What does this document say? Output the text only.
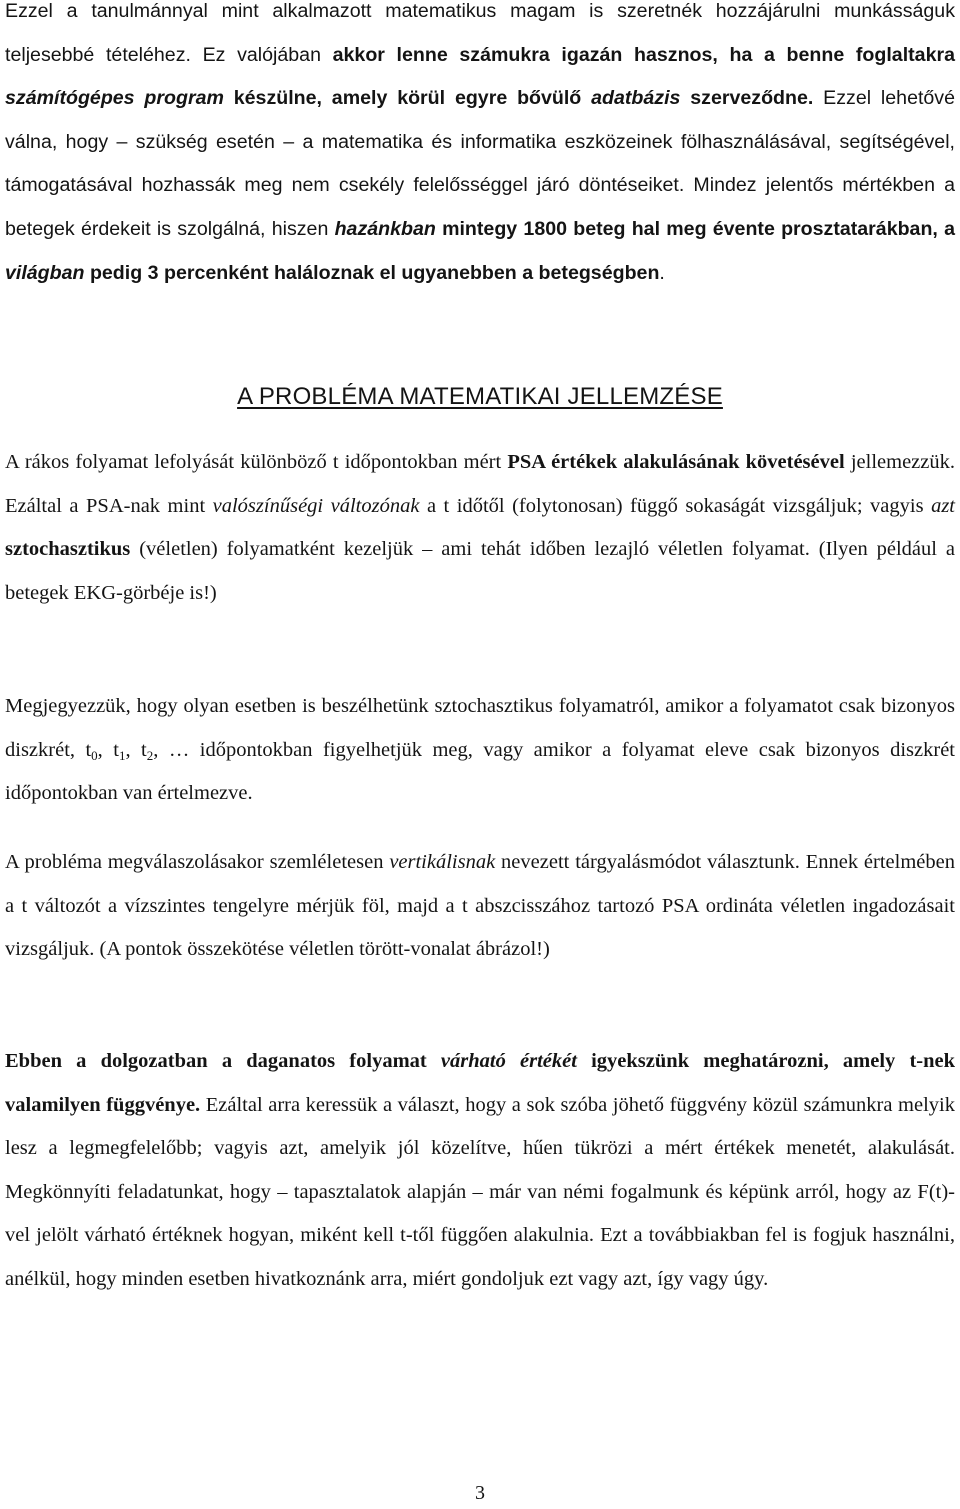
Ezzel a tanulmánnyal mint alkalmazott matematikus magam is szeretnék hozzájárulni munkásságuk teljesebbé tételéhez. Ez valójában akkor lenne számukra igazán hasznos, ha a benne foglaltakra számítógépes program készülne, amely körül egyre bővülő adatbázis szerveződne. Ezzel lehetővé válna, hogy – szükség esetén – a matematika és informatika eszközeinek fölhasználásával, segítségével, támogatásával hozhassák meg nem csekély felelősséggel járó döntéseiket. Mindez jelentős mértékben a betegek érdekeit is szolgálná, hiszen hazánkban mintegy 1800 beteg hal meg évente prosztatarákban, a világban pedig 3 percenként haláloznak el ugyanebben a betegségben.

A PROBLÉMA MATEMATIKAI JELLEMZÉSE

A rákos folyamat lefolyását különböző t időpontokban mért PSA értékek alakulásának követésével jellemezzük. Ezáltal a PSA-nak mint valószínűségi változónak a t időtől (folytonosan) függő sokaságát vizsgáljuk; vagyis azt sztochasztikus (véletlen) folyamatként kezeljük – ami tehát időben lezajló véletlen folyamat. (Ilyen például a betegek EKG-görbéje is!)

Megjegyezzük, hogy olyan esetben is beszélhetünk sztochasztikus folyamatról, amikor a folyamatot csak bizonyos diszkrét, $t_0$, $t_1$, $t_2$, … időpontokban figyelhetjük meg, vagy amikor a folyamat eleve csak bizonyos diszkrét időpontokban van értelmezve.

A probléma megválaszolásakor szemléletesen vertikálisnak nevezett tárgyalásmódot választunk. Ennek értelmében a t változót a vízszintes tengelyre mérjük föl, majd a t abszcisszához tartozó PSA ordináta véletlen ingadozásait vizsgáljuk. (A pontok összekötése véletlen törött-vonalat ábrázol!)

Ebben a dolgozatban a daganatos folyamat várható értékét igyekszünk meghatározni, amely t-nek valamilyen függvénye. Ezáltal arra keressük a választ, hogy a sok szóba jöhető függvény közül számunkra melyik lesz a legmegfelelőbb; vagyis azt, amelyik jól közelítve, hűen tükrözi a mért értékek menetét, alakulását. Megkönnyíti feladatunkat, hogy – tapasztalatok alapján – már van némi fogalmunk és képünk arról, hogy az F(t)-vel jelölt várható értéknek hogyan, miként kell t-től függően alakulnia. Ezt a továbbiakban fel is fogjuk használni, anélkül, hogy minden esetben hivatkoznánk arra, miért gondoljuk ezt vagy azt, így vagy úgy.

3
